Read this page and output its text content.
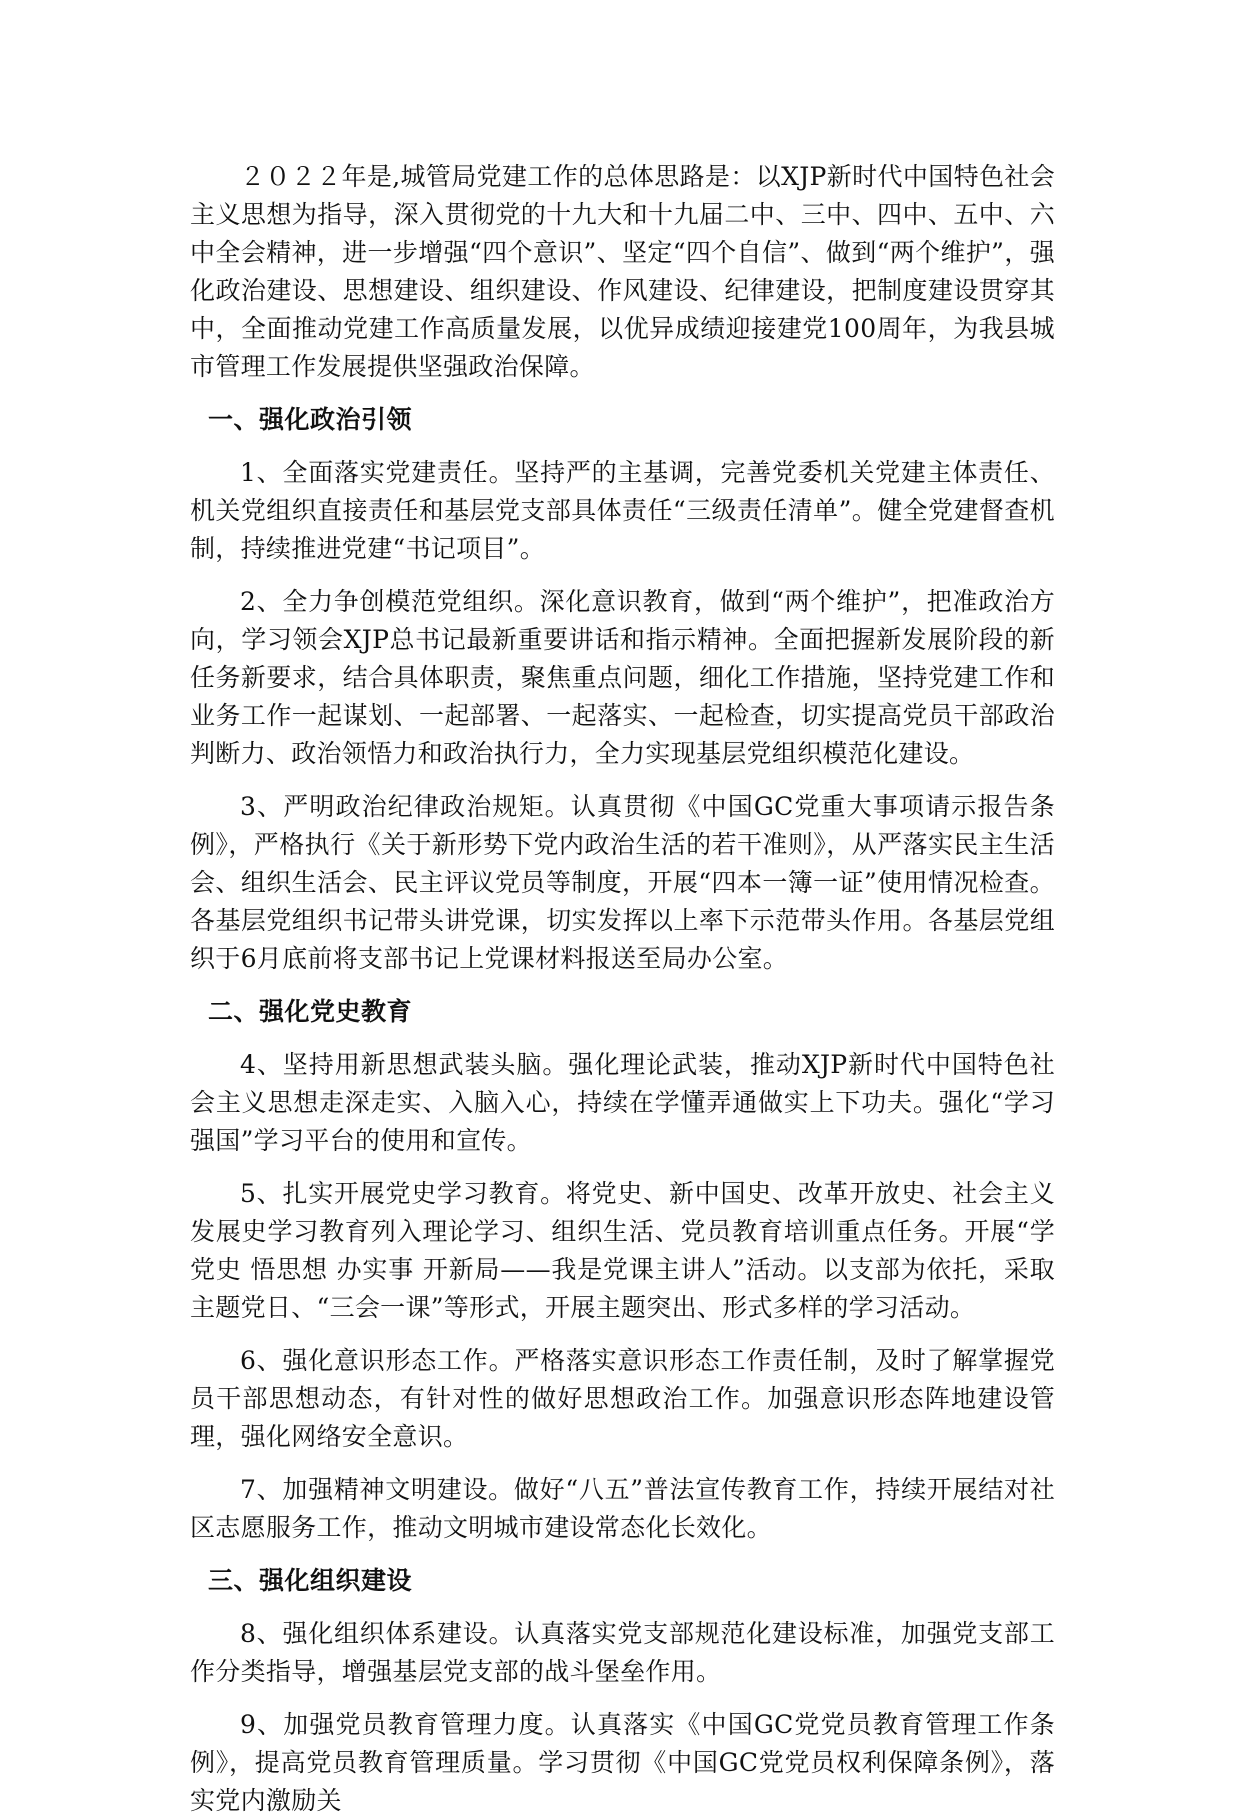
２０２２年是,城管局党建工作的总体思路是：以XJP新时代中国特色社会主义思想为指导，深入贯彻党的十九大和十九届二中、三中、四中、五中、六中全会精神，进一步增强“四个意识”、坚定“四个自信”、做到“两个维护”，强化政治建设、思想建设、组织建设、作风建设、纪律建设，把制度建设贯穿其中，全面推动党建工作高质量发展，以优异成绩迎接建党100周年，为我县城市管理工作发展提供坚强政治保障。

一、强化政治引领

1、全面落实党建责任。坚持严的主基调，完善党委机关党建主体责任、机关党组织直接责任和基层党支部具体责任“三级责任清单”。健全党建督查机制，持续推进党建“书记项目”。

2、全力争创模范党组织。深化意识教育，做到“两个维护”，把准政治方向，学习领会XJP总书记最新重要讲话和指示精神。全面把握新发展阶段的新任务新要求，结合具体职责，聚焦重点问题，细化工作措施，坚持党建工作和业务工作一起谋划、一起部署、一起落实、一起检查，切实提高党员干部政治判断力、政治领悟力和政治执行力，全力实现基层党组织模范化建设。

3、严明政治纪律政治规矩。认真贯彻《中国GC党重大事项请示报告条例》，严格执行《关于新形势下党内政治生活的若干准则》，从严落实民主生活会、组织生活会、民主评议党员等制度，开展“四本一簿一证”使用情况检查。各基层党组织书记带头讲党课，切实发挥以上率下示范带头作用。各基层党组织于6月底前将支部书记上党课材料报送至局办公室。

二、强化党史教育

4、坚持用新思想武装头脑。强化理论武装，推动XJP新时代中国特色社会主义思想走深走实、入脑入心，持续在学懂弄通做实上下功夫。强化“学习强国”学习平台的使用和宣传。

5、扎实开展党史学习教育。将党史、新中国史、改革开放史、社会主义发展史学习教育列入理论学习、组织生活、党员教育培训重点任务。开展“学党史 悟思想 办实事 开新局——我是党课主讲人”活动。以支部为依托，采取主题党日、“三会一课”等形式，开展主题突出、形式多样的学习活动。

6、强化意识形态工作。严格落实意识形态工作责任制，及时了解掌握党员干部思想动态，有针对性的做好思想政治工作。加强意识形态阵地建设管理，强化网络安全意识。

7、加强精神文明建设。做好“八五”普法宣传教育工作，持续开展结对社区志愿服务工作，推动文明城市建设常态化长效化。

三、强化组织建设

8、强化组织体系建设。认真落实党支部规范化建设标准，加强党支部工作分类指导，增强基层党支部的战斗堡垒作用。

9、加强党员教育管理力度。认真落实《中国GC党党员教育管理工作条例》，提高党员教育管理质量。学习贯彻《中国GC党党员权利保障条例》，落实党内激励关
